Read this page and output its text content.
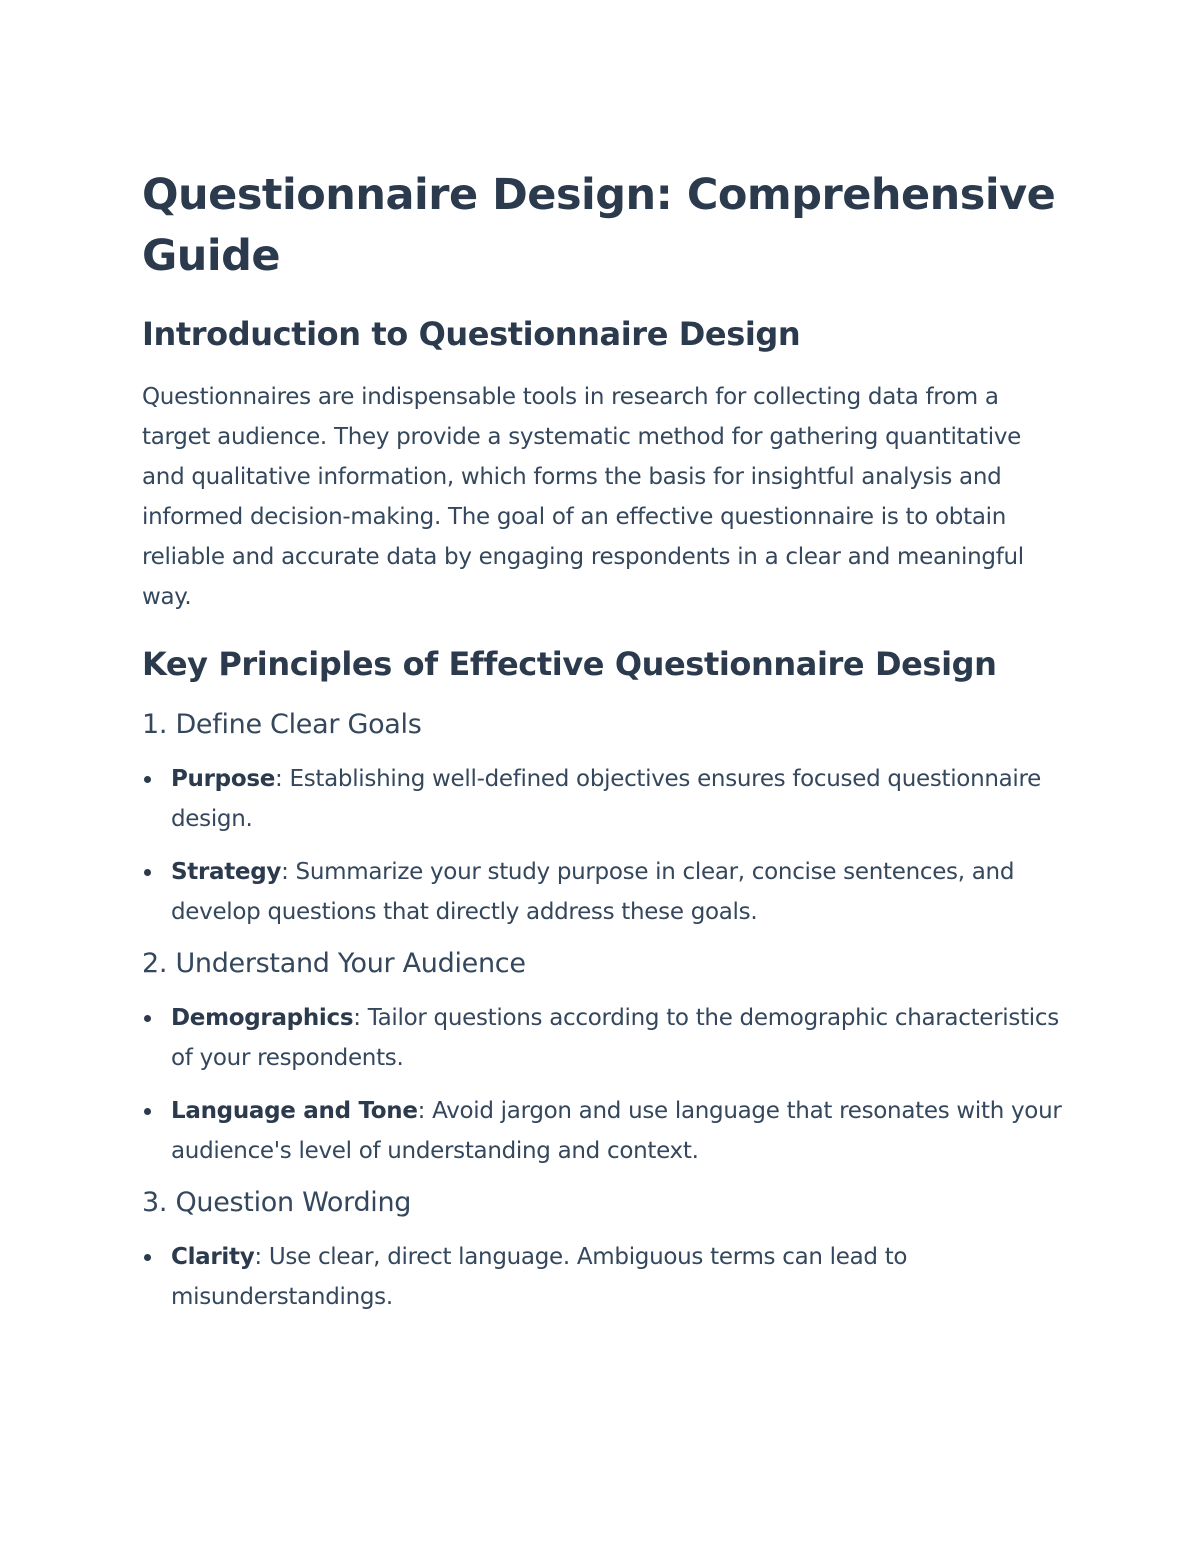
Questionnaire Design: Comprehensive Guide
Introduction to Questionnaire Design

Questionnaires are indispensable tools in research for collecting data from a target audience. They provide a systematic method for gathering quantitative and qualitative information, which forms the basis for insightful analysis and informed decision-making. The goal of an effective questionnaire is to obtain reliable and accurate data by engaging respondents in a clear and meaningful way.

Key Principles of Effective Questionnaire Design
1. Define Clear Goals
Purpose: Establishing well-defined objectives ensures focused questionnaire design.
Strategy: Summarize your study purpose in clear, concise sentences, and develop questions that directly address these goals.
2. Understand Your Audience
Demographics: Tailor questions according to the demographic characteristics of your respondents.
Language and Tone: Avoid jargon and use language that resonates with your audience's level of understanding and context.
3. Question Wording
Clarity: Use clear, direct language. Ambiguous terms can lead to misunderstandings.
